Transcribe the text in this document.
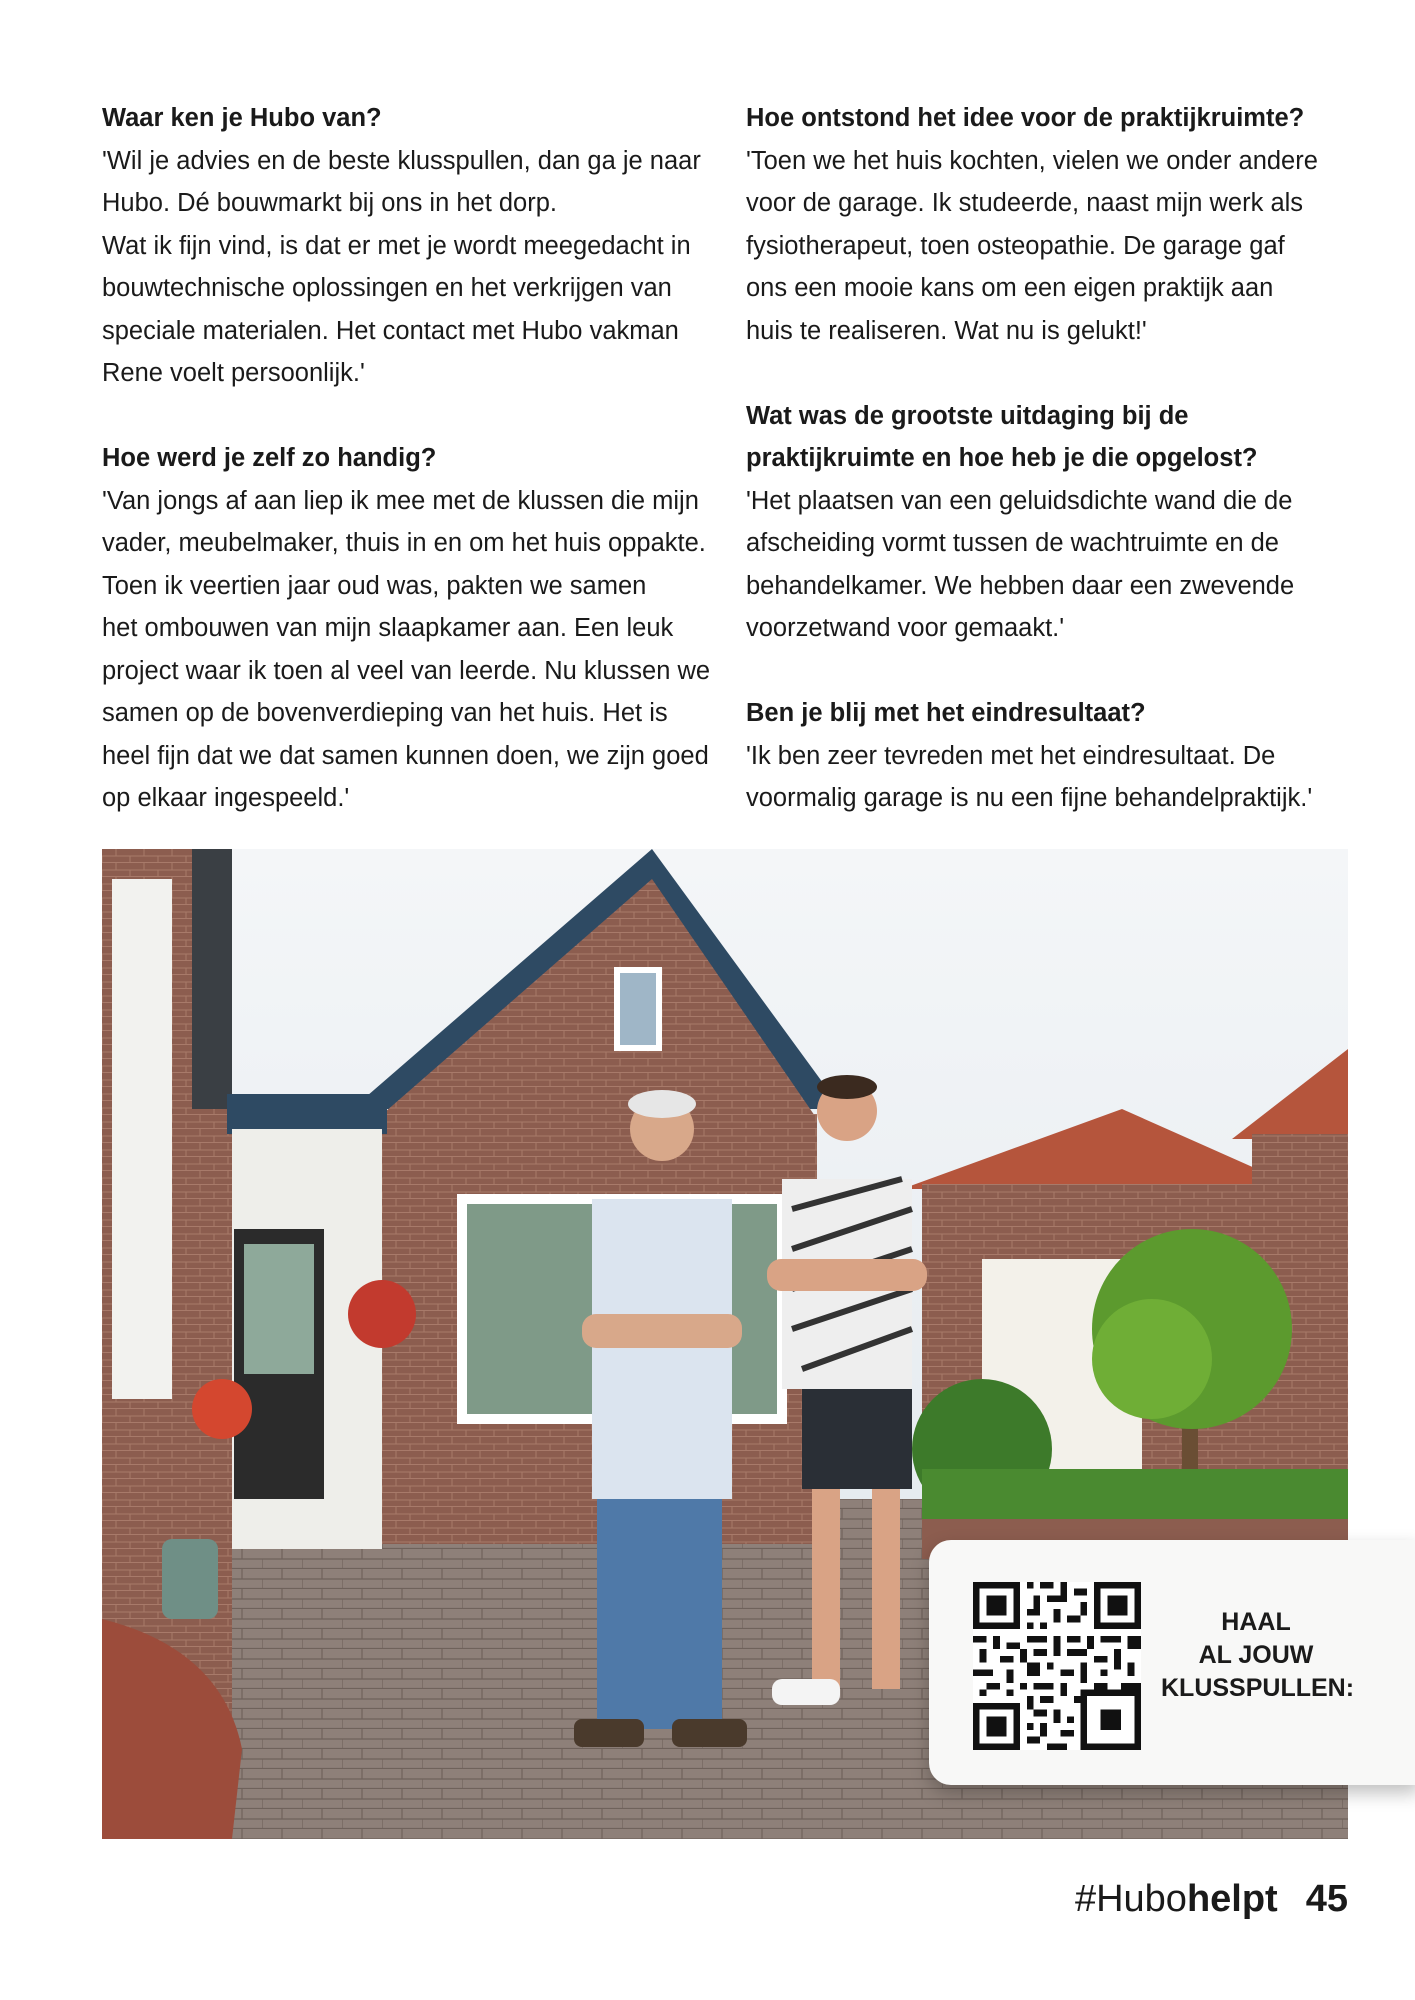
Waar ken je Hubo van?

'Wil je advies en de beste klusspullen, dan ga je naar

Hubo. Dé bouwmarkt bij ons in het dorp.

Wat ik fijn vind, is dat er met je wordt meegedacht in

bouwtechnische oplossingen en het verkrijgen van

speciale materialen. Het contact met Hubo vakman

Rene voelt persoonlijk.'

Hoe werd je zelf zo handig?

'Van jongs af aan liep ik mee met de klussen die mijn

vader, meubelmaker, thuis in en om het huis oppakte.

Toen ik veertien jaar oud was, pakten we samen

het ombouwen van mijn slaapkamer aan. Een leuk

project waar ik toen al veel van leerde. Nu klussen we

samen op de bovenverdieping van het huis. Het is

heel fijn dat we dat samen kunnen doen, we zijn goed

op elkaar ingespeeld.'

Hoe ontstond het idee voor de praktijkruimte?

'Toen we het huis kochten, vielen we onder andere

voor de garage. Ik studeerde, naast mijn werk als

fysiotherapeut, toen osteopathie. De garage gaf

ons een mooie kans om een eigen praktijk aan

huis te realiseren. Wat nu is gelukt!'

Wat was de grootste uitdaging bij de
praktijkruimte en hoe heb je die opgelost?

'Het plaatsen van een geluidsdichte wand die de

afscheiding vormt tussen de wachtruimte en de

behandelkamer. We hebben daar een zwevende

voorzetwand voor gemaakt.'

Ben je blij met het eindresultaat?

'Ik ben zeer tevreden met het eindresultaat. De

voormalig garage is nu een fijne behandelpraktijk.'

HAAL
AL JOUW
KLUSSPULLEN:
#Hubohelpt 45
